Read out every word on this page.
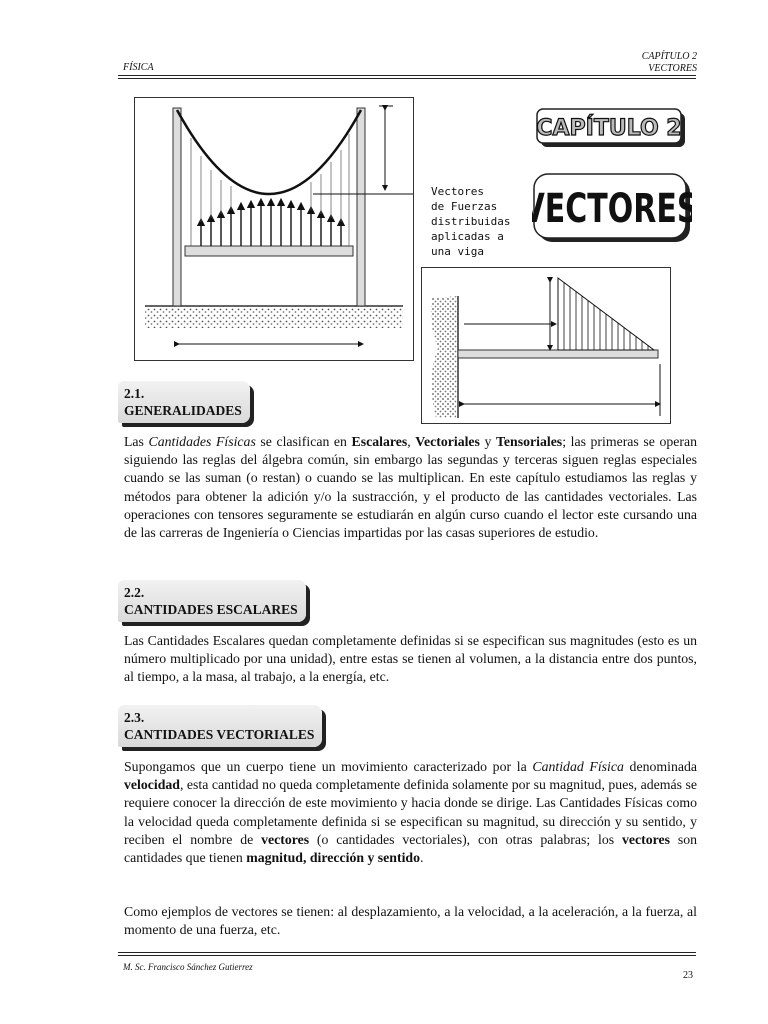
FÍSICA
CAPÍTULO 2
VECTORES
Vectores
de Fuerzas
distribuidas
aplicadas a
una viga
CAPÍTULO 2
VECTORES
2.1.
GENERALIDADES

Las Cantidades Físicas se clasifican en Escalares, Vectoriales y Tensoriales; las primeras se operan siguiendo las reglas del álgebra común, sin embargo las segundas y terceras siguen reglas especiales cuando se las suman (o restan) o cuando se las multiplican. En este capítulo estudiamos las reglas y métodos para obtener la adición y/o la sustracción, y el producto de las cantidades vectoriales. Las operaciones con tensores seguramente se estudiarán en algún curso cuando el lector este cursando una de las carreras de Ingeniería o Ciencias impartidas por las casas superiores de estudio.

2.2.
CANTIDADES ESCALARES

Las Cantidades Escalares quedan completamente definidas si se especifican sus magnitudes (esto es un número multiplicado por una unidad), entre estas se tienen al volumen, a la distancia entre dos puntos, al tiempo, a la masa, al trabajo, a la energía, etc.

2.3.
CANTIDADES VECTORIALES

Supongamos que un cuerpo tiene un movimiento caracterizado por la Cantidad Física denominada velocidad, esta cantidad no queda completamente definida solamente por su magnitud, pues, además se requiere conocer la dirección de este movimiento y hacia donde se dirige. Las Cantidades Físicas como la velocidad queda completamente definida si se especifican su magnitud, su dirección y su sentido, y reciben el nombre de vectores (o cantidades vectoriales), con otras palabras; los vectores son cantidades que tienen magnitud, dirección y sentido.

Como ejemplos de vectores se tienen: al desplazamiento, a la velocidad, a la aceleración, a la fuerza, al momento de una fuerza, etc.

M. Sc. Francisco Sánchez Gutierrez
23
